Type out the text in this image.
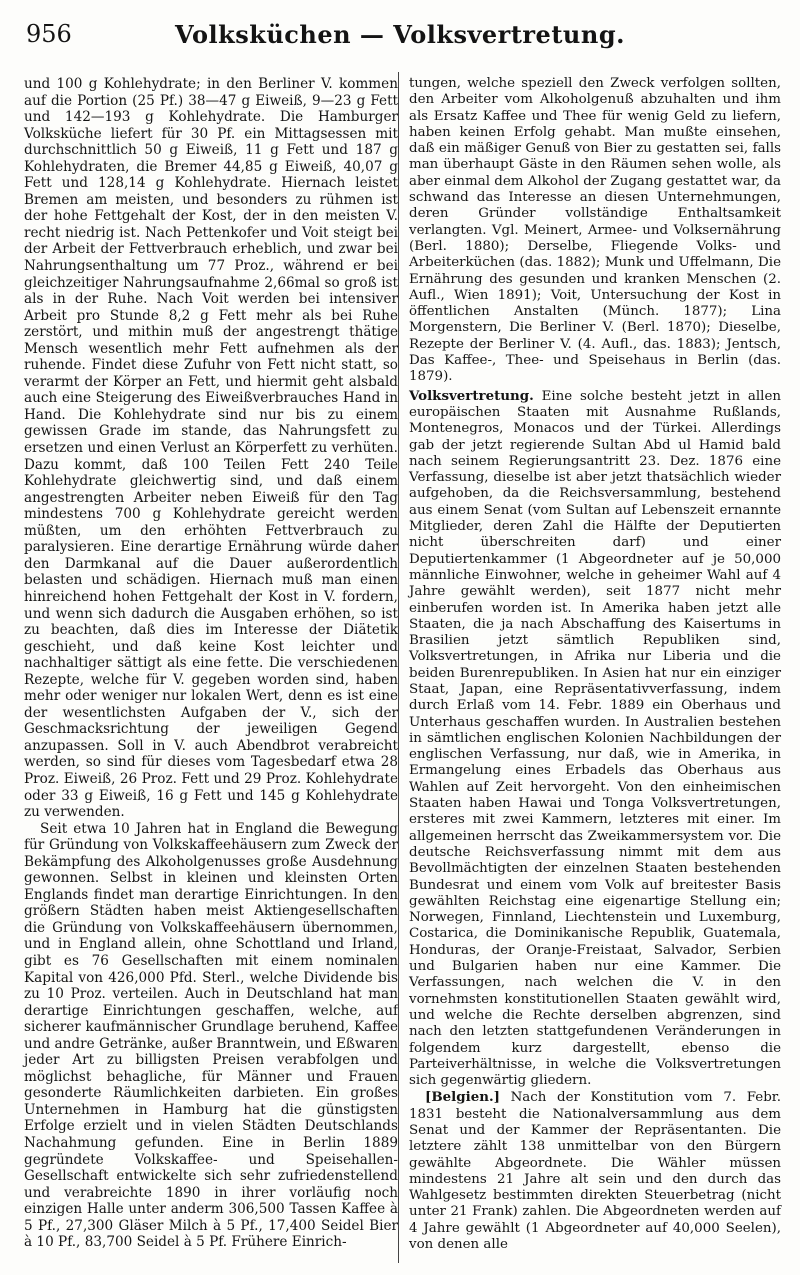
956	Volksküchen — Volksvertretung.

und 100 g Kohlehydrate; in den Berliner V. kommen auf die Portion (25 Pf.) 38—47 g Eiweiß, 9—23 g Fett und 142—193 g Kohlehydrate. Die Hamburger Volksküche liefert für 30 Pf. ein Mittagsessen mit durchschnittlich 50 g Eiweiß, 11 g Fett und 187 g Kohlehydraten, die Bremer 44,85 g Eiweiß, 40,07 g Fett und 128,14 g Kohlehydrate. Hiernach leistet Bremen am meisten, und besonders zu rühmen ist der hohe Fettgehalt der Kost, der in den meisten V. recht niedrig ist. Nach Pettenkofer und Voit steigt bei der Arbeit der Fettverbrauch erheblich, und zwar bei Nahrungsenthaltung um 77 Proz., während er bei gleichzeitiger Nahrungsaufnahme 2,66mal so groß ist als in der Ruhe. Nach Voit werden bei intensiver Arbeit pro Stunde 8,2 g Fett mehr als bei Ruhe zerstört, und mithin muß der angestrengt thätige Mensch wesentlich mehr Fett aufnehmen als der ruhende. Findet diese Zufuhr von Fett nicht statt, so verarmt der Körper an Fett, und hiermit geht alsbald auch eine Steigerung des Eiweißverbrauches Hand in Hand. Die Kohlehydrate sind nur bis zu einem gewissen Grade im stande, das Nahrungsfett zu ersetzen und einen Verlust an Körperfett zu verhüten. Dazu kommt, daß 100 Teilen Fett 240 Teile Kohlehydrate gleichwertig sind, und daß einem angestrengten Arbeiter neben Eiweiß für den Tag mindestens 700 g Kohlehydrate gereicht werden müßten, um den erhöhten Fettverbrauch zu paralysieren. Eine derartige Ernährung würde daher den Darmkanal auf die Dauer außerordentlich belasten und schädigen. Hiernach muß man einen hinreichend hohen Fettgehalt der Kost in V. fordern, und wenn sich dadurch die Ausgaben erhöhen, so ist zu beachten, daß dies im Interesse der Diätetik geschieht, und daß keine Kost leichter und nachhaltiger sättigt als eine fette. Die verschiedenen Rezepte, welche für V. gegeben worden sind, haben mehr oder weniger nur lokalen Wert, denn es ist eine der wesentlichsten Aufgaben der V., sich der Geschmacksrichtung der jeweiligen Gegend anzupassen. Soll in V. auch Abendbrot verabreicht werden, so sind für dieses vom Tagesbedarf etwa 28 Proz. Eiweiß, 26 Proz. Fett und 29 Proz. Kohlehydrate oder 33 g Eiweiß, 16 g Fett und 145 g Kohlehydrate zu verwenden.

Seit etwa 10 Jahren hat in England die Bewegung für Gründung von Volkskaffeehäusern zum Zweck der Bekämpfung des Alkoholgenusses große Ausdehnung gewonnen. Selbst in kleinen und kleinsten Orten Englands findet man derartige Einrichtungen. In den größern Städten haben meist Aktiengesellschaften die Gründung von Volkskaffeehäusern übernommen, und in England allein, ohne Schottland und Irland, gibt es 76 Gesellschaften mit einem nominalen Kapital von 426,000 Pfd. Sterl., welche Dividende bis zu 10 Proz. verteilen. Auch in Deutschland hat man derartige Einrichtungen geschaffen, welche, auf sicherer kaufmännischer Grundlage beruhend, Kaffee und andre Getränke, außer Branntwein, und Eßwaren jeder Art zu billigsten Preisen verabfolgen und möglichst behagliche, für Männer und Frauen gesonderte Räumlichkeiten darbieten. Ein großes Unternehmen in Hamburg hat die günstigsten Erfolge erzielt und in vielen Städten Deutschlands Nachahmung gefunden. Eine in Berlin 1889 gegründete Volkskaffee- und Speisehallen-Gesellschaft entwickelte sich sehr zufriedenstellend und verabreichte 1890 in ihrer vorläufig noch einzigen Halle unter anderm 306,500 Tassen Kaffee à 5 Pf., 27,300 Gläser Milch à 5 Pf., 17,400 Seidel Bier à 10 Pf., 83,700 Seidel à 5 Pf. Frühere Einrich-

tungen, welche speziell den Zweck verfolgen sollten, den Arbeiter vom Alkoholgenuß abzuhalten und ihm als Ersatz Kaffee und Thee für wenig Geld zu liefern, haben keinen Erfolg gehabt. Man mußte einsehen, daß ein mäßiger Genuß von Bier zu gestatten sei, falls man überhaupt Gäste in den Räumen sehen wolle, als aber einmal dem Alkohol der Zugang gestattet war, da schwand das Interesse an diesen Unternehmungen, deren Gründer vollständige Enthaltsamkeit verlangten. Vgl. Meinert, Armee- und Volksernährung (Berl. 1880); Derselbe, Fliegende Volks- und Arbeiterküchen (das. 1882); Munk und Uffelmann, Die Ernährung des gesunden und kranken Menschen (2. Aufl., Wien 1891); Voit, Untersuchung der Kost in öffentlichen Anstalten (Münch. 1877); Lina Morgenstern, Die Berliner V. (Berl. 1870); Dieselbe, Rezepte der Berliner V. (4. Aufl., das. 1883); Jentsch, Das Kaffee-, Thee- und Speisehaus in Berlin (das. 1879).

Volksvertretung. Eine solche besteht jetzt in allen europäischen Staaten mit Ausnahme Rußlands, Montenegros, Monacos und der Türkei. Allerdings gab der jetzt regierende Sultan Abd ul Hamid bald nach seinem Regierungsantritt 23. Dez. 1876 eine Verfassung, dieselbe ist aber jetzt thatsächlich wieder aufgehoben, da die Reichsversammlung, bestehend aus einem Senat (vom Sultan auf Lebenszeit ernannte Mitglieder, deren Zahl die Hälfte der Deputierten nicht überschreiten darf) und einer Deputiertenkammer (1 Abgeordneter auf je 50,000 männliche Einwohner, welche in geheimer Wahl auf 4 Jahre gewählt werden), seit 1877 nicht mehr einberufen worden ist. In Amerika haben jetzt alle Staaten, die ja nach Abschaffung des Kaisertums in Brasilien jetzt sämtlich Republiken sind, Volksvertretungen, in Afrika nur Liberia und die beiden Burenrepubliken. In Asien hat nur ein einziger Staat, Japan, eine Repräsentativverfassung, indem durch Erlaß vom 14. Febr. 1889 ein Oberhaus und Unterhaus geschaffen wurden. In Australien bestehen in sämtlichen englischen Kolonien Nachbildungen der englischen Verfassung, nur daß, wie in Amerika, in Ermangelung eines Erbadels das Oberhaus aus Wahlen auf Zeit hervorgeht. Von den einheimischen Staaten haben Hawai und Tonga Volksvertretungen, ersteres mit zwei Kammern, letzteres mit einer. Im allgemeinen herrscht das Zweikammersystem vor. Die deutsche Reichsverfassung nimmt mit dem aus Bevollmächtigten der einzelnen Staaten bestehenden Bundesrat und einem vom Volk auf breitester Basis gewählten Reichstag eine eigenartige Stellung ein; Norwegen, Finnland, Liechtenstein und Luxemburg, Costarica, die Dominikanische Republik, Guatemala, Honduras, der Oranje-Freistaat, Salvador, Serbien und Bulgarien haben nur eine Kammer. Die Verfassungen, nach welchen die V. in den vornehmsten konstitutionellen Staaten gewählt wird, und welche die Rechte derselben abgrenzen, sind nach den letzten stattgefundenen Veränderungen in folgendem kurz dargestellt, ebenso die Parteiverhältnisse, in welche die Volksvertretungen sich gegenwärtig gliedern.

[Belgien.] Nach der Konstitution vom 7. Febr. 1831 besteht die Nationalversammlung aus dem Senat und der Kammer der Repräsentanten. Die letztere zählt 138 unmittelbar von den Bürgern gewählte Abgeordnete. Die Wähler müssen mindestens 21 Jahre alt sein und den durch das Wahlgesetz bestimmten direkten Steuerbetrag (nicht unter 21 Frank) zahlen. Die Abgeordneten werden auf 4 Jahre gewählt (1 Abgeordneter auf 40,000 Seelen), von denen alle
